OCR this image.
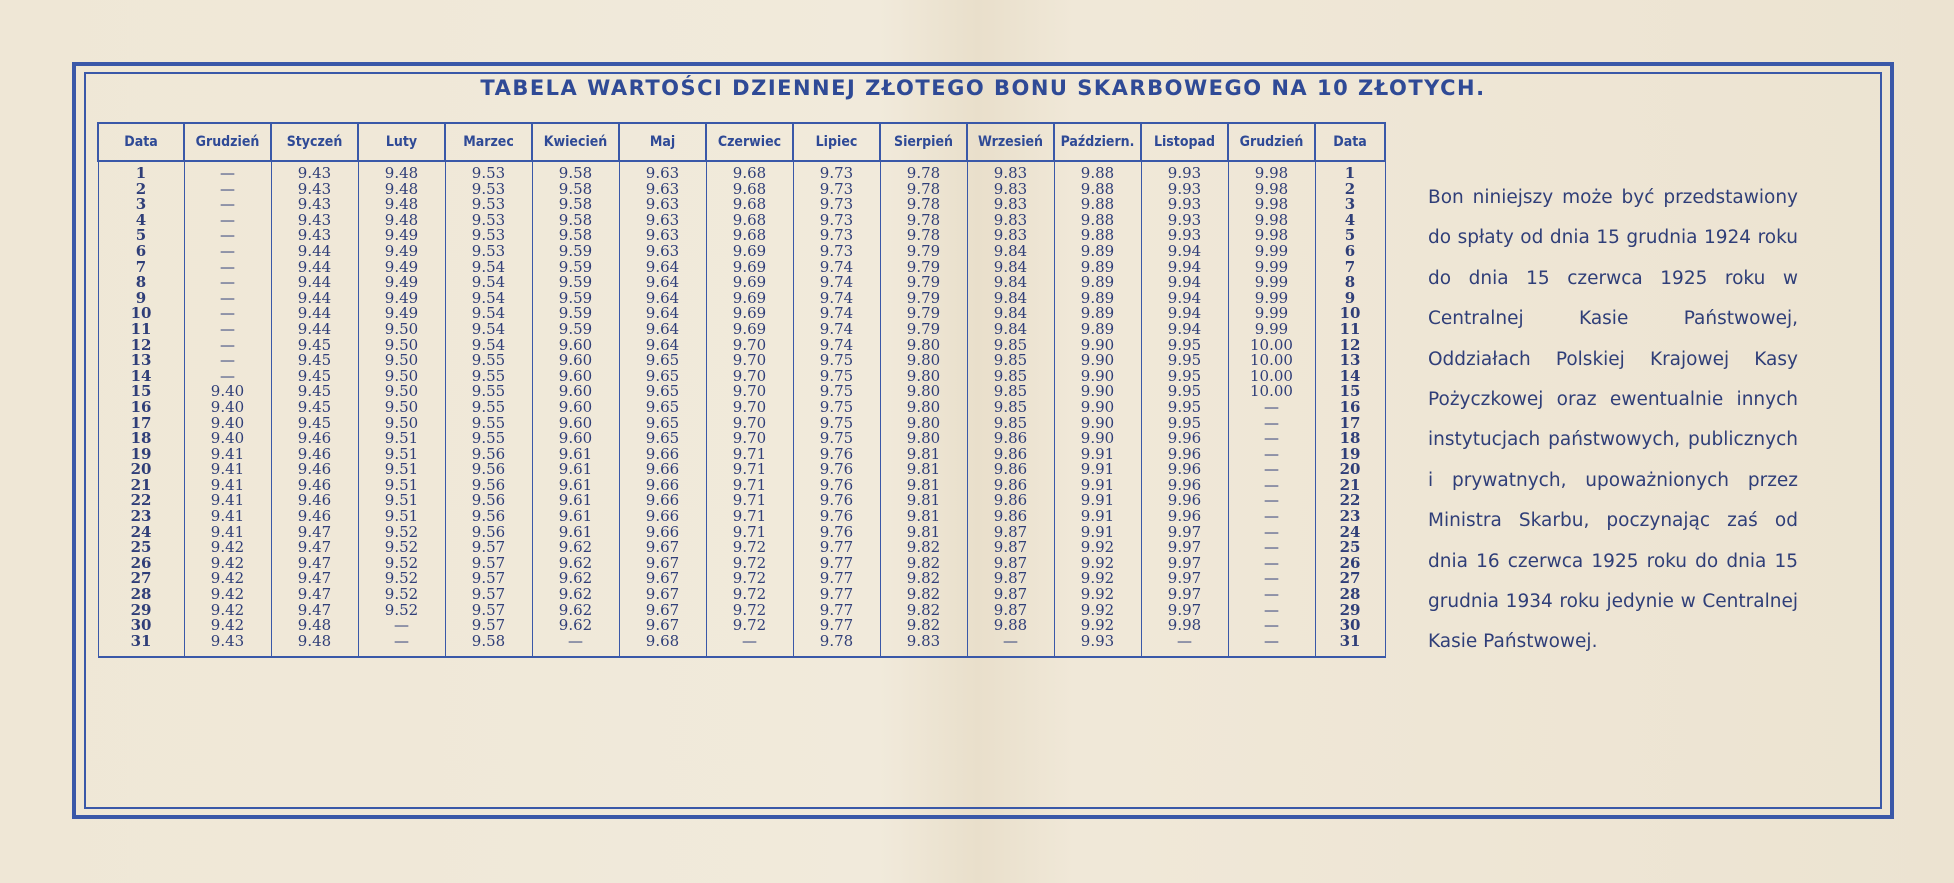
TABELA WARTOŚCI DZIENNEJ ZŁOTEGO BONU SKARBOWEGO NA 10 ZŁOTYCH.
Data	Grudzień	Styczeń	Luty	Marzec	Kwiecień	Maj	Czerwiec	Lipiec	Sierpień	Wrzesień	Październ.	Listopad	Grudzień	Data
1	—	9.43	9.48	9.53	9.58	9.63	9.68	9.73	9.78	9.83	9.88	9.93	9.98	1
2	—	9.43	9.48	9.53	9.58	9.63	9.68	9.73	9.78	9.83	9.88	9.93	9.98	2
3	—	9.43	9.48	9.53	9.58	9.63	9.68	9.73	9.78	9.83	9.88	9.93	9.98	3
4	—	9.43	9.48	9.53	9.58	9.63	9.68	9.73	9.78	9.83	9.88	9.93	9.98	4
5	—	9.43	9.49	9.53	9.58	9.63	9.68	9.73	9.78	9.83	9.88	9.93	9.98	5
6	—	9.44	9.49	9.53	9.59	9.63	9.69	9.73	9.79	9.84	9.89	9.94	9.99	6
7	—	9.44	9.49	9.54	9.59	9.64	9.69	9.74	9.79	9.84	9.89	9.94	9.99	7
8	—	9.44	9.49	9.54	9.59	9.64	9.69	9.74	9.79	9.84	9.89	9.94	9.99	8
9	—	9.44	9.49	9.54	9.59	9.64	9.69	9.74	9.79	9.84	9.89	9.94	9.99	9
10	—	9.44	9.49	9.54	9.59	9.64	9.69	9.74	9.79	9.84	9.89	9.94	9.99	10
11	—	9.44	9.50	9.54	9.59	9.64	9.69	9.74	9.79	9.84	9.89	9.94	9.99	11
12	—	9.45	9.50	9.54	9.60	9.64	9.70	9.74	9.80	9.85	9.90	9.95	10.00	12
13	—	9.45	9.50	9.55	9.60	9.65	9.70	9.75	9.80	9.85	9.90	9.95	10.00	13
14	—	9.45	9.50	9.55	9.60	9.65	9.70	9.75	9.80	9.85	9.90	9.95	10.00	14
15	9.40	9.45	9.50	9.55	9.60	9.65	9.70	9.75	9.80	9.85	9.90	9.95	10.00	15
16	9.40	9.45	9.50	9.55	9.60	9.65	9.70	9.75	9.80	9.85	9.90	9.95	—	16
17	9.40	9.45	9.50	9.55	9.60	9.65	9.70	9.75	9.80	9.85	9.90	9.95	—	17
18	9.40	9.46	9.51	9.55	9.60	9.65	9.70	9.75	9.80	9.86	9.90	9.96	—	18
19	9.41	9.46	9.51	9.56	9.61	9.66	9.71	9.76	9.81	9.86	9.91	9.96	—	19
20	9.41	9.46	9.51	9.56	9.61	9.66	9.71	9.76	9.81	9.86	9.91	9.96	—	20
21	9.41	9.46	9.51	9.56	9.61	9.66	9.71	9.76	9.81	9.86	9.91	9.96	—	21
22	9.41	9.46	9.51	9.56	9.61	9.66	9.71	9.76	9.81	9.86	9.91	9.96	—	22
23	9.41	9.46	9.51	9.56	9.61	9.66	9.71	9.76	9.81	9.86	9.91	9.96	—	23
24	9.41	9.47	9.52	9.56	9.61	9.66	9.71	9.76	9.81	9.87	9.91	9.97	—	24
25	9.42	9.47	9.52	9.57	9.62	9.67	9.72	9.77	9.82	9.87	9.92	9.97	—	25
26	9.42	9.47	9.52	9.57	9.62	9.67	9.72	9.77	9.82	9.87	9.92	9.97	—	26
27	9.42	9.47	9.52	9.57	9.62	9.67	9.72	9.77	9.82	9.87	9.92	9.97	—	27
28	9.42	9.47	9.52	9.57	9.62	9.67	9.72	9.77	9.82	9.87	9.92	9.97	—	28
29	9.42	9.47	9.52	9.57	9.62	9.67	9.72	9.77	9.82	9.87	9.92	9.97	—	29
30	9.42	9.48	—	9.57	9.62	9.67	9.72	9.77	9.82	9.88	9.92	9.98	—	30
31	9.43	9.48	—	9.58	—	9.68	—	9.78	9.83	—	9.93	—	—	31
Bon niniejszy może być przedstawiony do spłaty od dnia 15 grudnia 1924 roku do dnia 15 czerwca 1925 roku w Centralnej Kasie Państwowej, Oddziałach Polskiej Krajowej Kasy Pożyczkowej oraz ewentualnie innych instytucjach państwowych, publicznych i prywatnych, upoważnionych przez Ministra Skarbu, poczynając zaś od dnia 16 czerwca 1925 roku do dnia 15 grudnia 1934 roku jedynie w Centralnej Kasie Państwowej.
